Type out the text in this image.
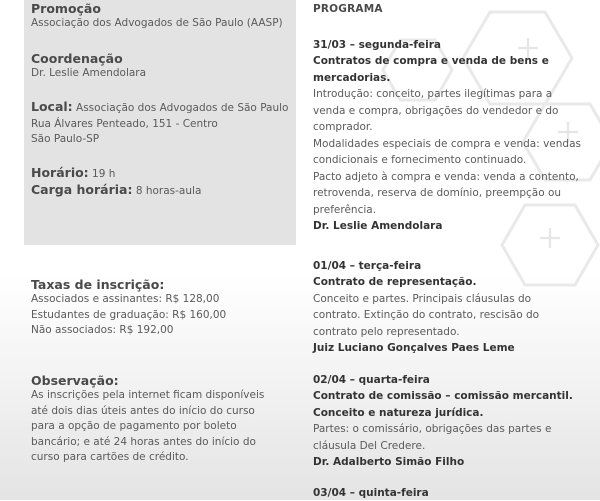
Promoção
Associação dos Advogados de São Paulo (AASP)
Coordenação
Dr. Leslie Amendolara
Local: Associação dos Advogados de São Paulo
Rua Álvares Penteado, 151 - Centro
São Paulo-SP
Horário: 19 h
Carga horária: 8 horas-aula
Taxas de inscrição:
Associados e assinantes: R$ 128,00
Estudantes de graduação: R$ 160,00
Não associados: R$ 192,00
Observação:
As inscrições pela internet ficam disponíveis
até dois dias úteis antes do início do curso
para a opção de pagamento por boleto
bancário; e até 24 horas antes do início do
curso para cartões de crédito.
PROGRAMA
31/03 – segunda-feira
Contratos de compra e venda de bens e
mercadorias.
Introdução: conceito, partes ilegítimas para a
venda e compra, obrigações do vendedor e do
comprador.
Modalidades especiais de compra e venda: vendas
condicionais e fornecimento continuado.
Pacto adjeto à compra e venda: venda a contento,
retrovenda, reserva de domínio, preempção ou
preferência.
Dr. Leslie Amendolara
01/04 – terça-feira
Contrato de representação.
Conceito e partes. Principais cláusulas do
contrato. Extinção do contrato, rescisão do
contrato pelo representado.
Juiz Luciano Gonçalves Paes Leme
02/04 – quarta-feira
Contrato de comissão – comissão mercantil.
Conceito e natureza jurídica.
Partes: o comissário, obrigações das partes e
cláusula Del Credere.
Dr. Adalberto Simão Filho
03/04 – quinta-feira
